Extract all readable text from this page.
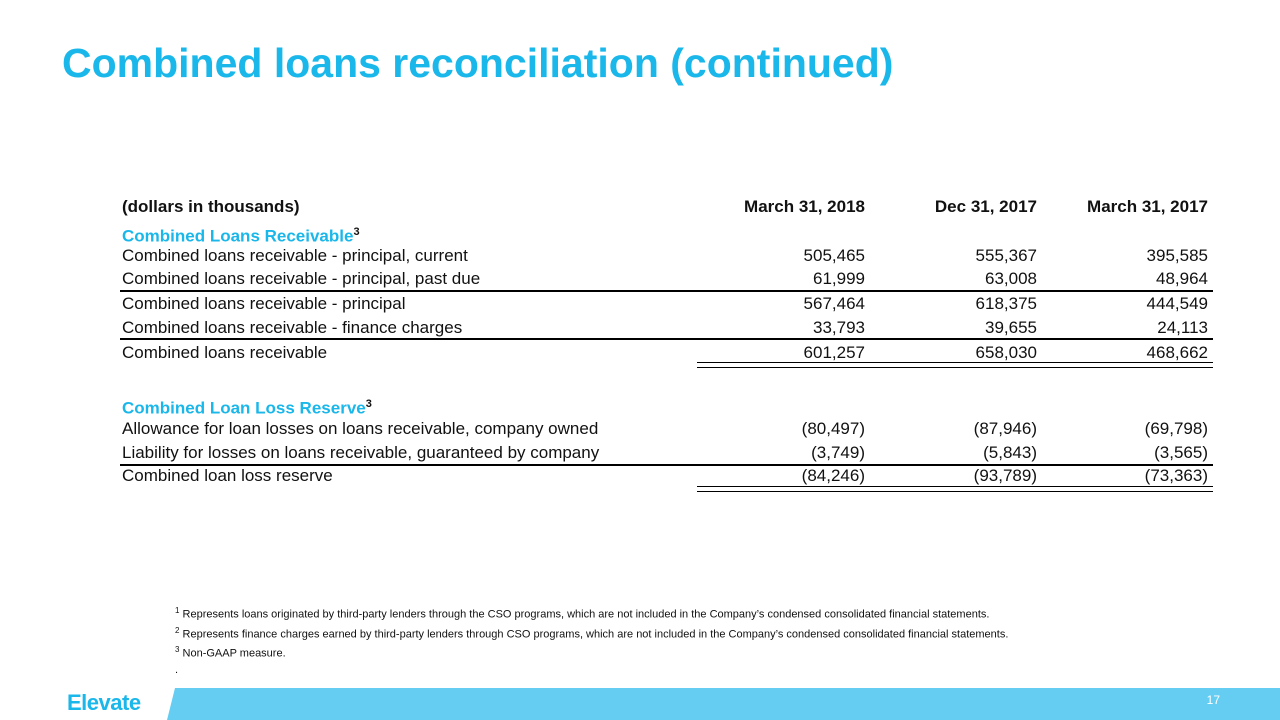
Combined loans reconciliation (continued)
(dollars in thousands)	March 31, 2018	Dec 31, 2017	March 31, 2017
Combined Loans Receivable$^3$
Combined loans receivable - principal, current	505,465	555,367	395,585
Combined loans receivable - principal, past due	61,999	63,008	48,964
Combined loans receivable - principal	567,464	618,375	444,549
Combined loans receivable - finance charges	33,793	39,655	24,113
Combined loans receivable	601,257	658,030	468,662
Combined Loan Loss Reserve$^3$
Allowance for loan losses on loans receivable, company owned	(80,497)	(87,946)	(69,798)
Liability for losses on loans receivable, guaranteed by company	(3,749)	(5,843)	(3,565)
Combined loan loss reserve	(84,246)	(93,789)	(73,363)
$^1$ Represents loans originated by third-party lenders through the CSO programs, which are not included in the Company’s condensed consolidated financial statements.
$^2$ Represents finance charges earned by third-party lenders through CSO programs, which are not included in the Company’s condensed consolidated financial statements.
$^3$ Non-GAAP measure.
.
Elevate	17
